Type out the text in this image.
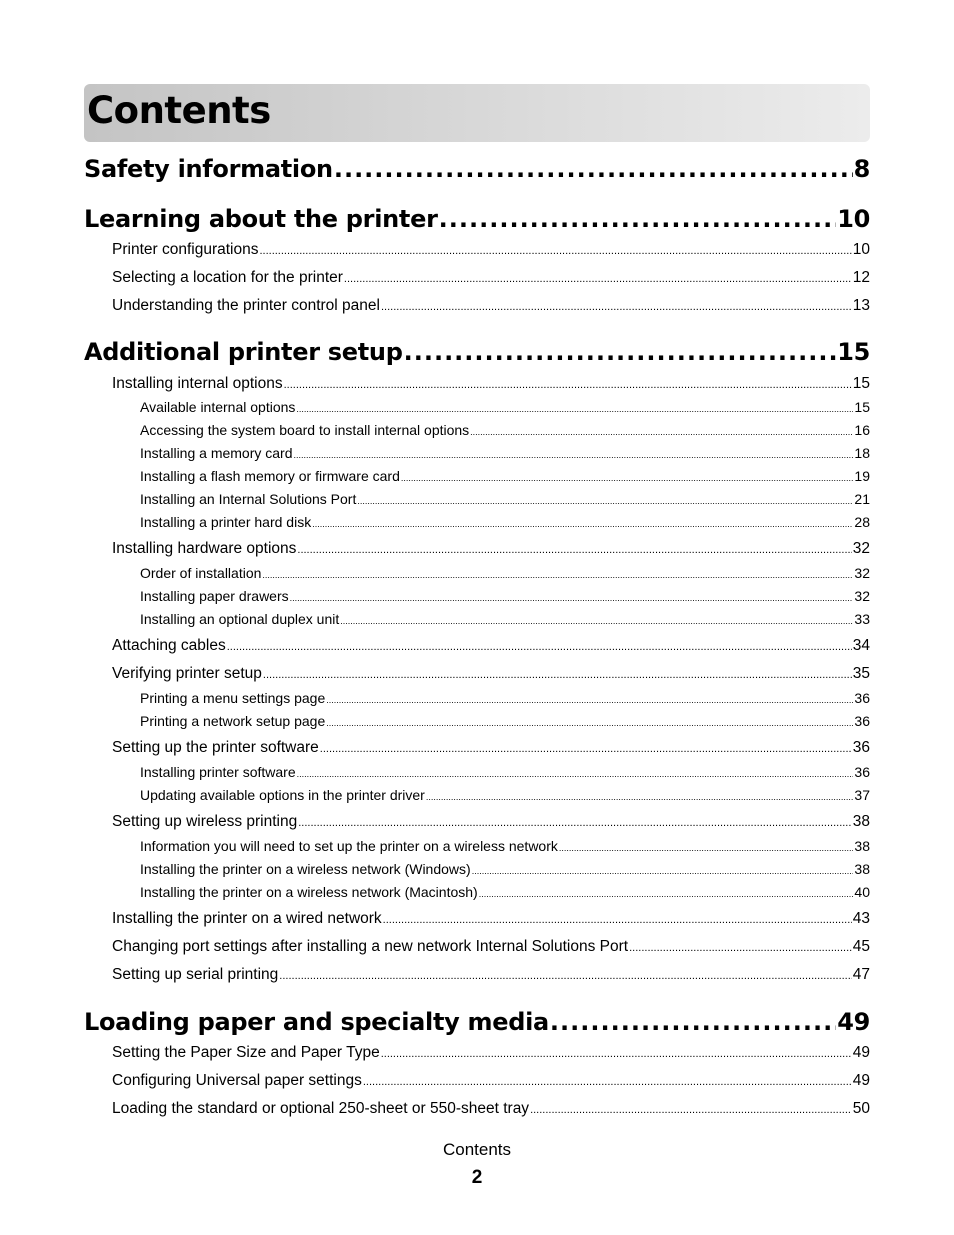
Contents
Safety information .....	8
Learning about the printer .....	10
Printer configurations .....	10
Selecting a location for the printer .....	12
Understanding the printer control panel .....	13
Additional printer setup .....	15
Installing internal options .....	15
Available internal options .....	15
Accessing the system board to install internal options .....	16
Installing a memory card .....	18
Installing a flash memory or firmware card .....	19
Installing an Internal Solutions Port .....	21
Installing a printer hard disk .....	28
Installing hardware options .....	32
Order of installation .....	32
Installing paper drawers .....	32
Installing an optional duplex unit .....	33
Attaching cables .....	34
Verifying printer setup .....	35
Printing a menu settings page .....	36
Printing a network setup page .....	36
Setting up the printer software .....	36
Installing printer software .....	36
Updating available options in the printer driver .....	37
Setting up wireless printing .....	38
Information you will need to set up the printer on a wireless network .....	38
Installing the printer on a wireless network (Windows) .....	38
Installing the printer on a wireless network (Macintosh) .....	40
Installing the printer on a wired network .....	43
Changing port settings after installing a new network Internal Solutions Port .....	45
Setting up serial printing .....	47
Loading paper and specialty media .....	49
Setting the Paper Size and Paper Type .....	49
Configuring Universal paper settings .....	49
Loading the standard or optional 250-sheet or 550-sheet tray .....	50
Contents
2
